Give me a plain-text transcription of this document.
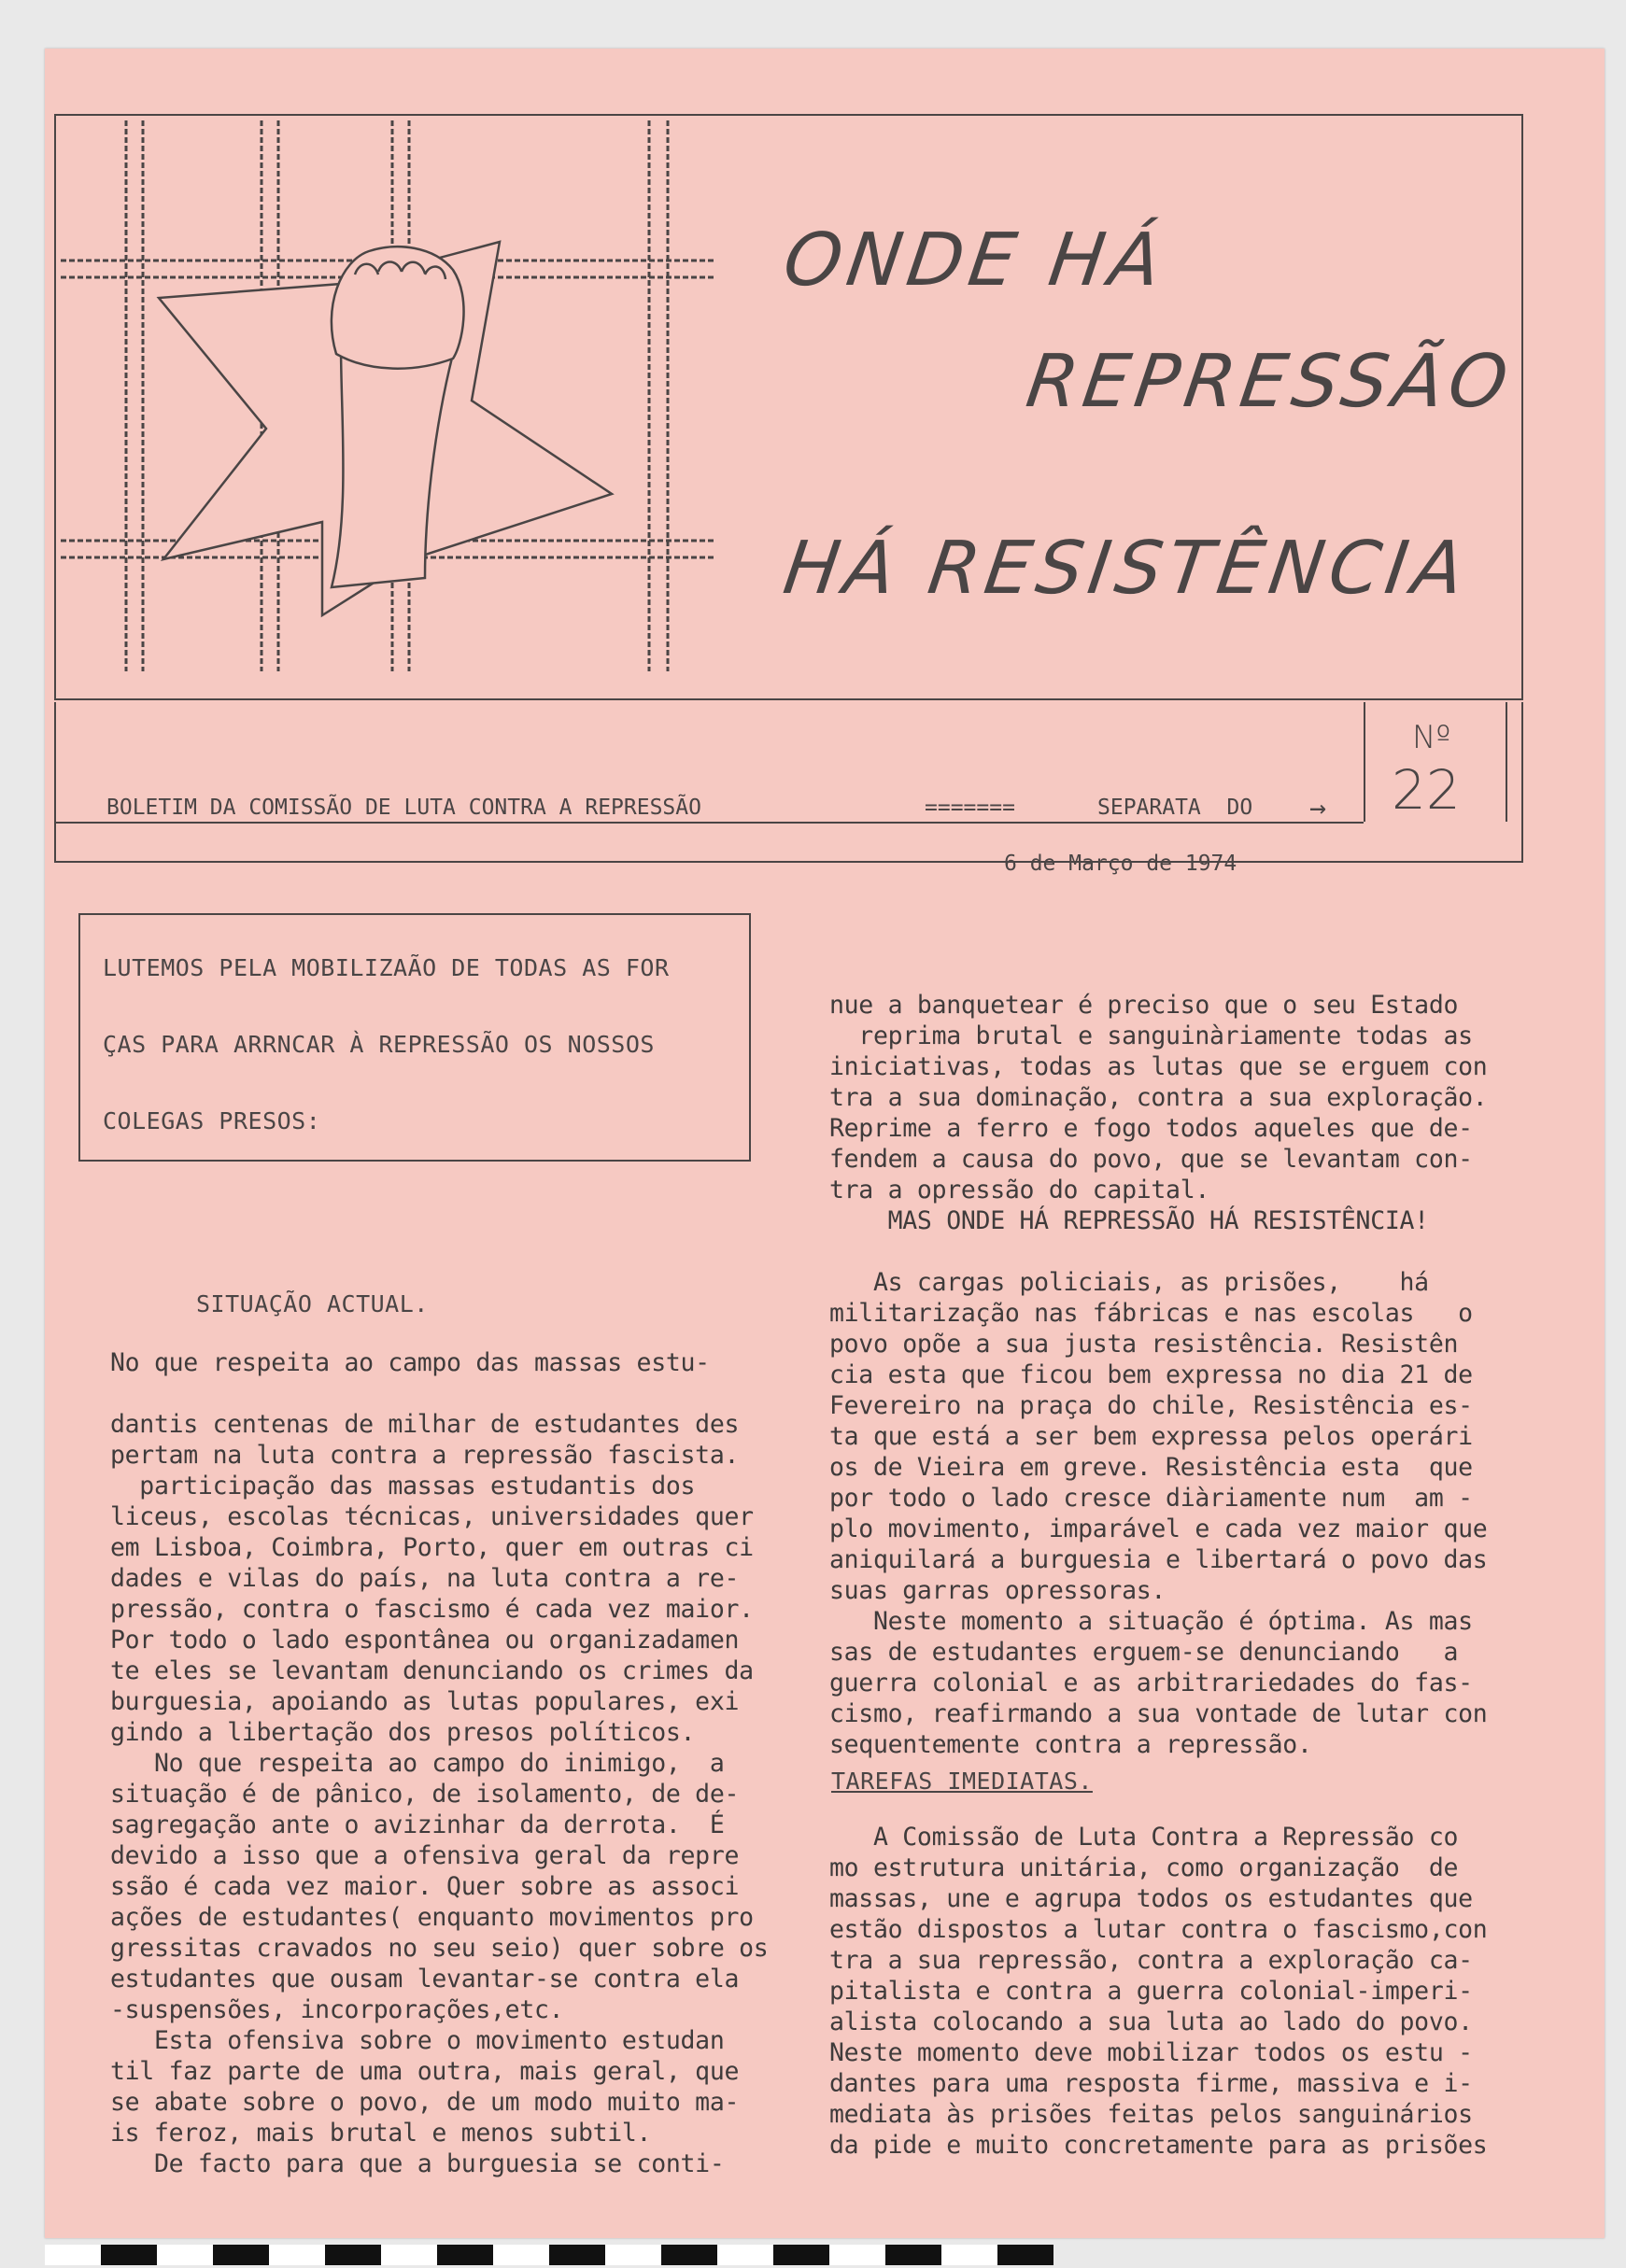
ONDE HÁ
REPRESSÃO
HÁ RESISTÊNCIA
BOLETIM DA COMISSÃO DE LUTA CONTRA A REPRESSÃO	=======	SEPARATA  DO →
6 de Março de 1974
Nº
22

LUTEMOS PELA MOBILIZAÃO DE TODAS AS FOR

ÇAS PARA ARRNCAR À REPRESSÃO OS NOSSOS

COLEGAS PRESOS:

SITUAÇÃO ACTUAL.
No que respeita ao campo das massas estu-
dantis centenas de milhar de estudantes des
pertam na luta contra a repressão fascista.
participação das massas estudantis dos
liceus, escolas técnicas, universidades quer
em Lisboa, Coimbra, Porto, quer em outras ci
dades e vilas do país, na luta contra a re-
pressão, contra o fascismo é cada vez maior.
Por todo o lado espontânea ou organizadamen
te eles se levantam denunciando os crimes da
burguesia, apoiando as lutas populares, exi
gindo a libertação dos presos políticos.
No que respeita ao campo do inimigo,  a
situação é de pânico, de isolamento, de de-
sagregação ante o avizinhar da derrota.  É
devido a isso que a ofensiva geral da repre
ssão é cada vez maior. Quer sobre as associ
ações de estudantes( enquanto movimentos pro
gressitas cravados no seu seio) quer sobre os
estudantes que ousam levantar-se contra ela
-suspensões, incorporações,etc.
Esta ofensiva sobre o movimento estudan
til faz parte de uma outra, mais geral, que
se abate sobre o povo, de um modo muito ma-
is feroz, mais brutal e menos subtil.
De facto para que a burguesia se conti-
nue a banquetear é preciso que o seu Estado
reprima brutal e sanguinàriamente todas as
iniciativas, todas as lutas que se erguem con
tra a sua dominação, contra a sua exploração.
Reprime a ferro e fogo todos aqueles que de-
fendem a causa do povo, que se levantam con-
tra a opressão do capital.
MAS ONDE HÁ REPRESSÃO HÁ RESISTÊNCIA!
As cargas policiais, as prisões,    há
militarização nas fábricas e nas escolas   o
povo opõe a sua justa resistência. Resistên
cia esta que ficou bem expressa no dia 21 de
Fevereiro na praça do chile, Resistência es-
ta que está a ser bem expressa pelos operári
os de Vieira em greve. Resistência esta  que
por todo o lado cresce diàriamente num  am -
plo movimento, imparável e cada vez maior que
aniquilará a burguesia e libertará o povo das
suas garras opressoras.
Neste momento a situação é óptima. As mas
sas de estudantes erguem-se denunciando   a
guerra colonial e as arbitrariedades do fas-
cismo, reafirmando a sua vontade de lutar con
sequentemente contra a repressão.
TAREFAS IMEDIATAS.
A Comissão de Luta Contra a Repressão co
mo estrutura unitária, como organização  de
massas, une e agrupa todos os estudantes que
estão dispostos a lutar contra o fascismo,con
tra a sua repressão, contra a exploração ca-
pitalista e contra a guerra colonial-imperi-
alista colocando a sua luta ao lado do povo.
Neste momento deve mobilizar todos os estu -
dantes para uma resposta firme, massiva e i-
mediata às prisões feitas pelos sanguinários
da pide e muito concretamente para as prisões
